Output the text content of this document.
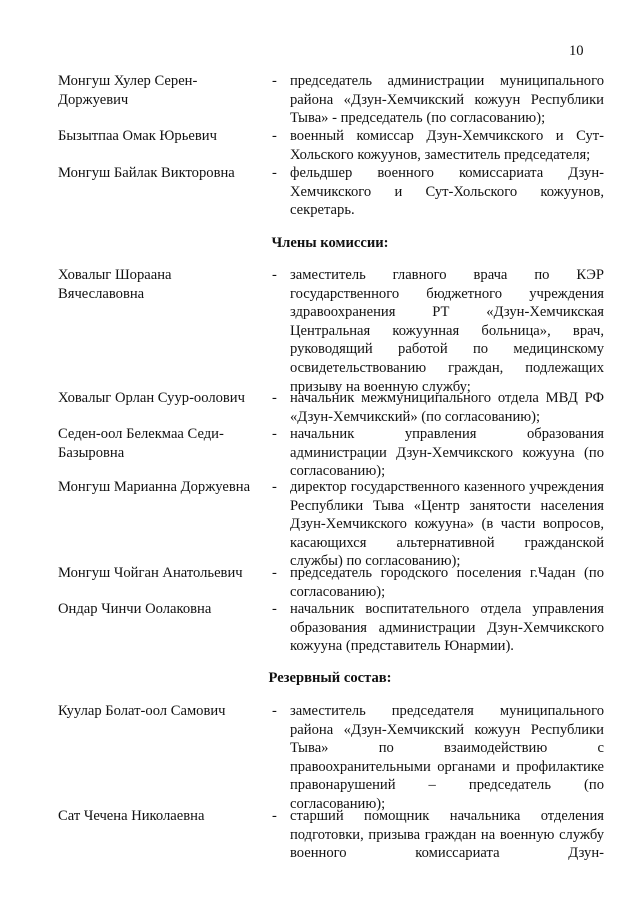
10
Монгуш Хулер Серен-Доржуевич
- председатель администрации муниципального района «Дзун-Хемчикский кожуун Республики Тыва» - председатель (по согласованию);
Бызытпаа Омак Юрьевич	- военный комиссар Дзун-Хемчикского и Сут-Хольского кожуунов, заместитель председателя;
Монгуш Байлак Викторовна	- фельдшер военного комиссариата Дзун-Хемчикского и Сут-Хольского кожуунов, секретарь.
Члены комиссии:
Ховалыг Шораана Вячеславовна
- заместитель главного врача по КЭР государственного бюджетного учреждения здравоохранения РТ «Дзун-Хемчикская Центральная кожуунная больница», врач, руководящий работой по медицинскому освидетельствованию граждан, подлежащих призыву на военную службу;
Ховалыг Орлан Суур-оолович	- начальник межмуниципального отдела МВД РФ «Дзун-Хемчикский» (по согласованию);
Седен-оол Белекмаа Седи-Базыровна
- начальник управления образования администрации Дзун-Хемчикского кожууна (по согласованию);
Монгуш Марианна Доржуевна	- директор государственного казенного учреждения Республики Тыва «Центр занятости населения Дзун-Хемчикского кожууна» (в части вопросов, касающихся альтернативной гражданской службы) по согласованию);
Монгуш Чойган Анатольевич	- председатель городского поселения г.Чадан (по согласованию);
Ондар Чинчи Оолаковна	- начальник воспитательного отдела управления образования администрации Дзун-Хемчикского кожууна (представитель Юнармии).
Резервный состав:
Куулар Болат-оол Самович	- заместитель председателя муниципального района «Дзун-Хемчикский кожуун Республики Тыва» по взаимодействию с правоохранительными органами и профилактике правонарушений – председатель (по согласованию);
Сат Чечена Николаевна	- старший помощник начальника отделения подготовки, призыва граждан на военную службу военного комиссариата Дзун-
